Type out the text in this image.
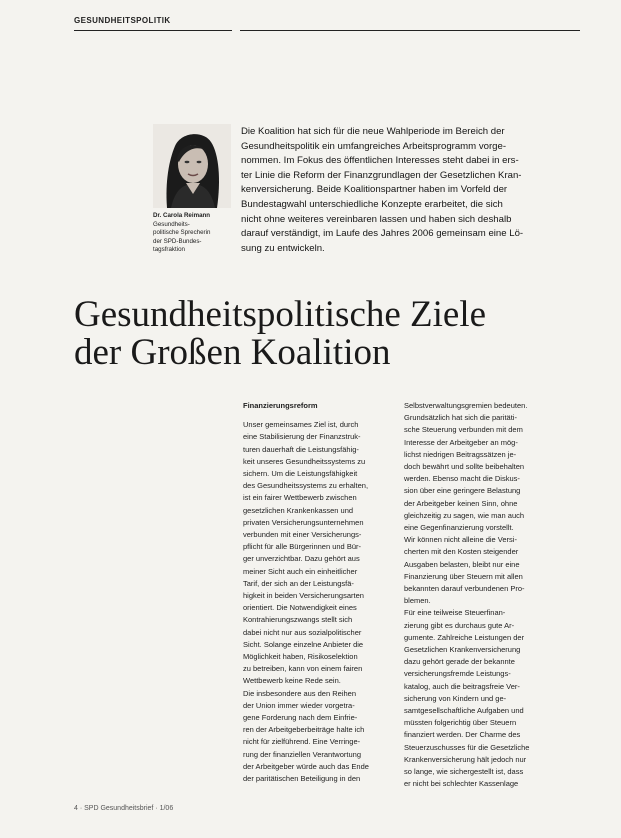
GESUNDHEITSPOLITIK
Dr. Carola Reimann
Gesundheits-
politische Sprecherin
der SPD-Bundes-
tagsfraktion
Die Koalition hat sich für die neue Wahlperiode im Bereich der
Gesundheitspolitik ein umfangreiches Arbeitsprogramm vorge-
nommen. Im Fokus des öffentlichen Interesses steht dabei in ers-
ter Linie die Reform der Finanzgrundlagen der Gesetzlichen Kran-
kenversicherung. Beide Koalitionspartner haben im Vorfeld der
Bundestagwahl unterschiedliche Konzepte erarbeitet, die sich
nicht ohne weiteres vereinbaren lassen und haben sich deshalb
darauf verständigt, im Laufe des Jahres 2006 gemeinsam eine Lö-
sung zu entwickeln.
Gesundheitspolitische Ziele
der Großen Koalition
Finanzierungsreform
Unser gemeinsames Ziel ist, durch
eine Stabilisierung der Finanzstruk-
turen dauerhaft die Leistungsfähig-
keit unseres Gesundheitssystems zu
sichern. Um die Leistungsfähigkeit
des Gesundheitssystems zu erhalten,
ist ein fairer Wettbewerb zwischen
gesetzlichen Krankenkassen und
privaten Versicherungsunternehmen
verbunden mit einer Versicherungs-
pflicht für alle Bürgerinnen und Bür-
ger unverzichtbar. Dazu gehört aus
meiner Sicht auch ein einheitlicher
Tarif, der sich an der Leistungsfä-
higkeit in beiden Versicherungsarten
orientiert. Die Notwendigkeit eines
Kontrahierungszwangs stellt sich
dabei nicht nur aus sozialpolitischer
Sicht. Solange einzelne Anbieter die
Möglichkeit haben, Risikoselektion
zu betreiben, kann von einem fairen
Wettbewerb keine Rede sein.
Die insbesondere aus den Reihen
der Union immer wieder vorgetra-
gene Forderung nach dem Einfrie-
ren der Arbeitgeberbeiträge halte ich
nicht für zielführend. Eine Verringe-
rung der finanziellen Verantwortung
der Arbeitgeber würde auch das Ende
der paritätischen Beteiligung in den
Selbstverwaltungsgremien bedeuten.
Grundsätzlich hat sich die paritäti-
sche Steuerung verbunden mit dem
Interesse der Arbeitgeber an mög-
lichst niedrigen Beitragssätzen je-
doch bewährt und sollte beibehalten
werden. Ebenso macht die Diskus-
sion über eine geringere Belastung
der Arbeitgeber keinen Sinn, ohne
gleichzeitig zu sagen, wie man auch
eine Gegenfinanzierung vorstellt.
Wir können nicht alleine die Versi-
cherten mit den Kosten steigender
Ausgaben belasten, bleibt nur eine
Finanzierung über Steuern mit allen
bekannten darauf verbundenen Pro-
blemen.
Für eine teilweise Steuerfinan-
zierung gibt es durchaus gute Ar-
gumente. Zahlreiche Leistungen der
Gesetzlichen Krankenversicherung
dazu gehört gerade der bekannte
versicherungsfremde Leistungs-
katalog, auch die beitragsfreie Ver-
sicherung von Kindern und ge-
samtgesellschaftliche Aufgaben und
müssten folgerichtig über Steuern
finanziert werden. Der Charme des
Steuerzuschusses für die Gesetzliche
Krankenversicherung hält jedoch nur
so lange, wie sichergestellt ist, dass
er nicht bei schlechter Kassenlage
4 · SPD Gesundheitsbrief · 1/06
